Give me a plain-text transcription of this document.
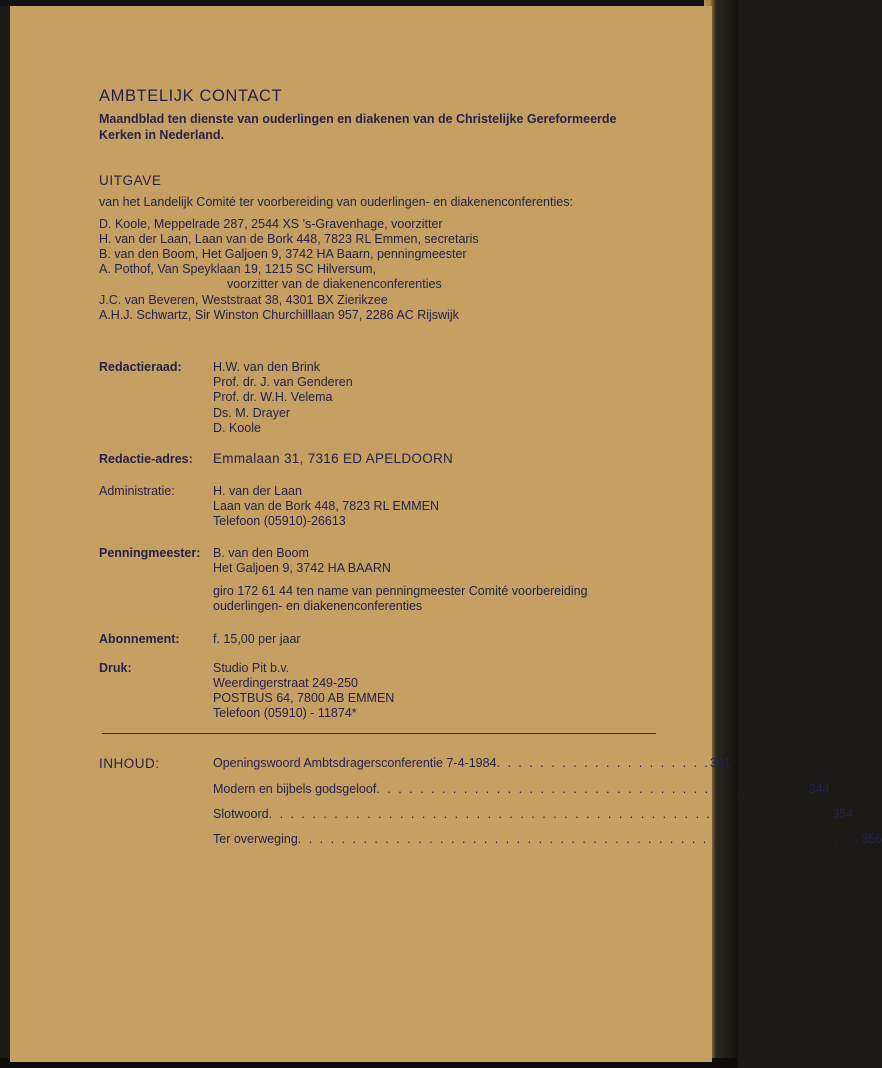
AMBTELIJK CONTACT
Maandblad ten dienste van ouderlingen en diakenen van de Christelijke Gereformeerde Kerken in Nederland.
UITGAVE
van het Landelijk Comité ter voorbereiding van ouderlingen- en diakenenconferenties:
D. Koole, Meppelrade 287, 2544 XS 's-Gravenhage, voorzitter
H. van der Laan, Laan van de Bork 448, 7823 RL Emmen, secretaris
B. van den Boom, Het Galjoen 9, 3742 HA Baarn, penningmeester
A. Pothof, Van Speyklaan 19, 1215 SC Hilversum,
voorzitter van de diakenenconferenties
J.C. van Beveren, Weststraat 38, 4301 BX Zierikzee
A.H.J. Schwartz, Sir Winston Churchilllaan 957, 2286 AC Rijswijk
Redactieraad:	H.W. van den Brink
Prof. dr. J. van Genderen
Prof. dr. W.H. Velema
Ds. M. Drayer
D. Koole
Redactie-adres: Emmalaan 31, 7316 ED APELDOORN
Administratie:	H. van der Laan
Laan van de Bork 448, 7823 RL EMMEN
Telefoon (05910)-26613
Penningmeester: B. van den Boom
Het Galjoen 9, 3742 HA BAARN
giro 172 61 44 ten name van penningmeester Comité voorbereiding
ouderlingen- en diakenenconferenties
Abonnement:	f. 15,00 per jaar
Druk:	Studio Pit b.v.
Weerdingerstraat 249-250
POSTBUS 64, 7800 AB EMMEN
Telefoon (05910) - 11874*
INHOUD:	Openingswoord Ambtsdragersconferentie 7-4-1984 . . . . . . . . . . . . . . . . . . . . 341
Modern en bijbels godsgeloof . . . . . . . . . . . . . . . . . . . . . . . . . . . . . . . . . . . . . . . . 344
Slotwoord . . . . . . . . . . . . . . . . . . . . . . . . . . . . . . . . . . . . . . . . . . . . . . . . . . . . 354
Ter overweging . . . . . . . . . . . . . . . . . . . . . . . . . . . . . . . . . . . . . . . . . . . . . . . . . . . . 356
